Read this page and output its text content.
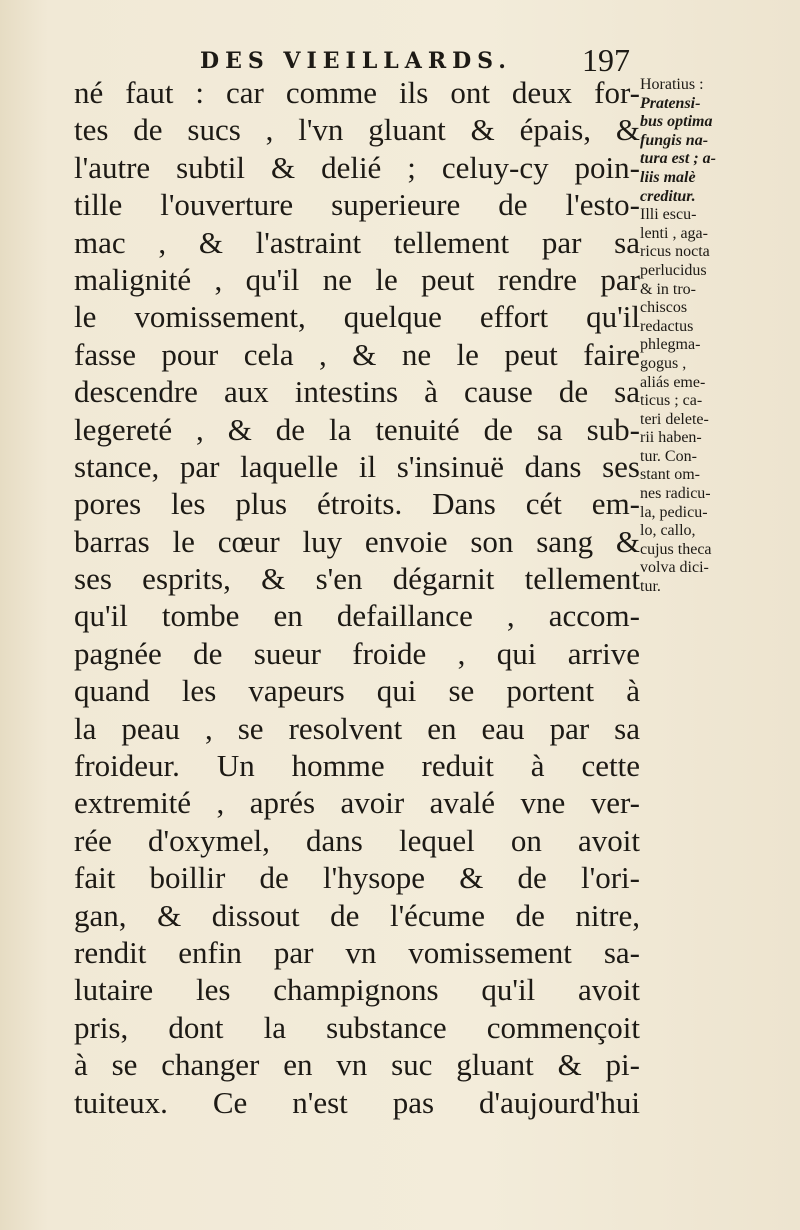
DES VIEILLARDS. 197
né faut : car comme ils ont deux for-
tes de sucs , l'vn gluant & épais, &
l'autre subtil & delié ; celuy-cy poin-
tille l'ouverture superieure de l'esto-
mac , & l'astraint tellement par sa
malignité , qu'il ne le peut rendre par
le vomissement, quelque effort qu'il
fasse pour cela , & ne le peut faire
descendre aux intestins à cause de sa
legereté , & de la tenuité de sa sub-
stance, par laquelle il s'insinuë dans ses
pores les plus étroits. Dans cét em-
barras le cœur luy envoie son sang &
ses esprits, & s'en dégarnit tellement
qu'il tombe en defaillance , accom-
pagnée de sueur froide , qui arrive
quand les vapeurs qui se portent à
la peau , se resolvent en eau par sa
froideur. Un homme reduit à cette
extremité , aprés avoir avalé vne ver-
rée d'oxymel, dans lequel on avoit
fait boillir de l'hysope & de l'ori-
gan, & dissout de l'écume de nitre,
rendit enfin par vn vomissement sa-
lutaire les champignons qu'il avoit
pris, dont la substance commençoit
à se changer en vn suc gluant & pi-
tuiteux. Ce n'est pas d'aujourd'hui
Horatius :
Pratensi-
bus optima
fungis na-
tura est ; a-
liis malè
creditur.
Illi escu-
lenti , aga-
ricus nocta
perlucidus
& in tro-
chiscos
redactus
phlegma-
gogus ,
aliás eme-
ticus ; ca-
teri delete-
rii haben-
tur. Con-
stant om-
nes radicu-
la, pedicu-
lo, callo,
cujus theca
volva dici-
tur.
